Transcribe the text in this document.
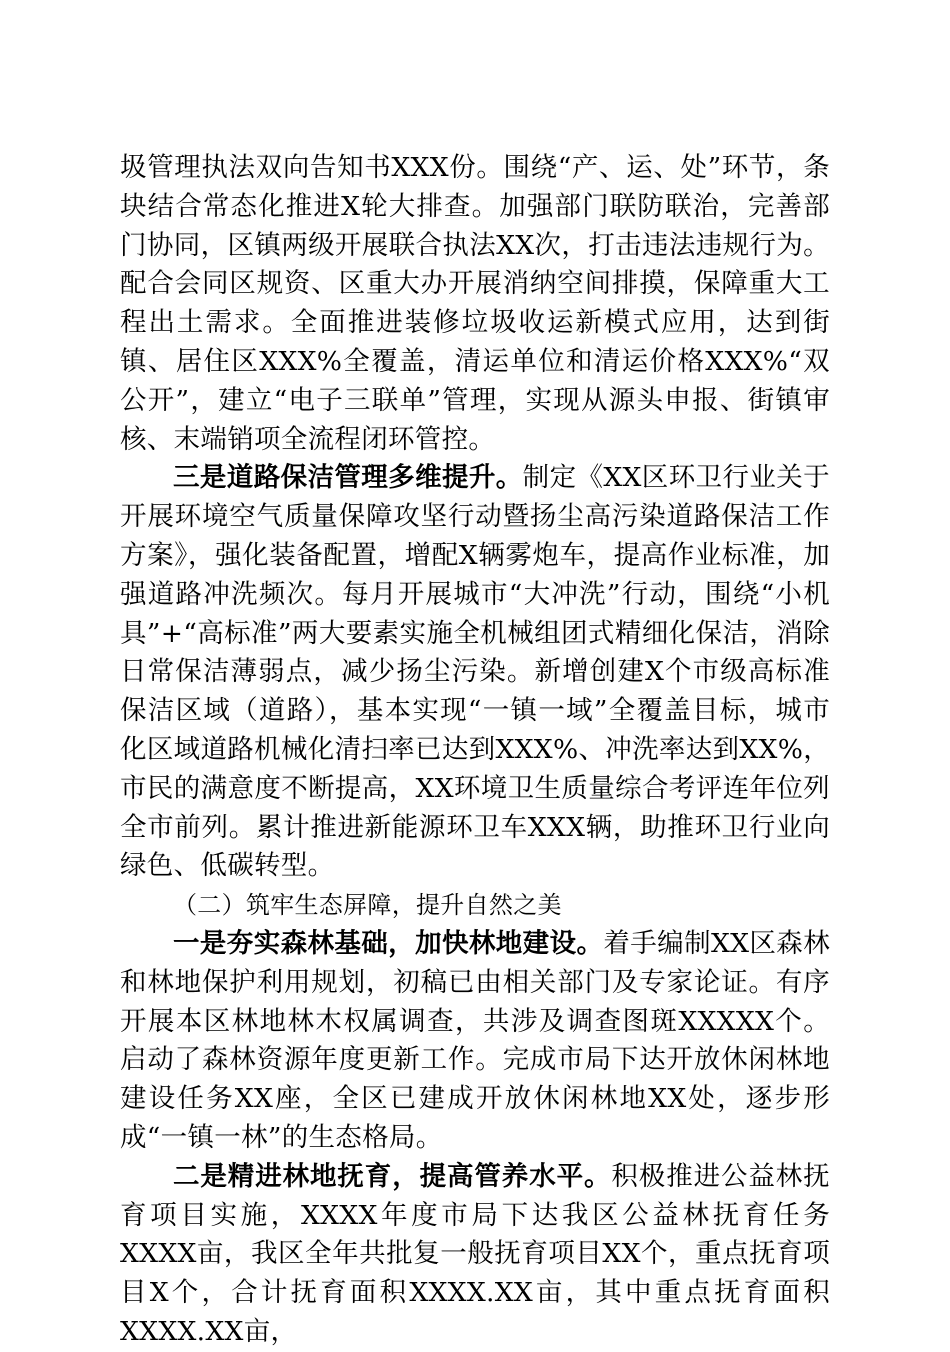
圾管理执法双向告知书XXX份。围绕“产、运、处”环节，条块结合常态化推进X轮大排查。加强部门联防联治，完善部门协同，区镇两级开展联合执法XX次，打击违法违规行为。配合会同区规资、区重大办开展消纳空间排摸，保障重大工程出土需求。全面推进装修垃圾收运新模式应用，达到街镇、居住区XXX%全覆盖，清运单位和清运价格XXX%“双公开”，建立“电子三联单”管理，实现从源头申报、街镇审核、末端销项全流程闭环管控。

三是道路保洁管理多维提升。制定《XX区环卫行业关于开展环境空气质量保障攻坚行动暨扬尘高污染道路保洁工作方案》，强化装备配置，增配X辆雾炮车，提高作业标准，加强道路冲洗频次。每月开展城市“大冲洗”行动，围绕“小机具”+“高标准”两大要素实施全机械组团式精细化保洁，消除日常保洁薄弱点，减少扬尘污染。新增创建X个市级高标准保洁区域（道路），基本实现“一镇一域”全覆盖目标，城市化区域道路机械化清扫率已达到XXX%、冲洗率达到XX%，市民的满意度不断提高，XX环境卫生质量综合考评连年位列全市前列。累计推进新能源环卫车XXX辆，助推环卫行业向绿色、低碳转型。

（二）筑牢生态屏障，提升自然之美

一是夯实森林基础，加快林地建设。着手编制XX区森林和林地保护利用规划，初稿已由相关部门及专家论证。有序开展本区林地林木权属调查，共涉及调查图斑XXXXX个。启动了森林资源年度更新工作。完成市局下达开放休闲林地建设任务XX座，全区已建成开放休闲林地XX处，逐步形成“一镇一林”的生态格局。

二是精进林地抚育，提高管养水平。积极推进公益林抚育项目实施，XXXX年度市局下达我区公益林抚育任务XXXX亩，我区全年共批复一般抚育项目XX个，重点抚育项目X个，合计抚育面积XXXX.XX亩，其中重点抚育面积XXXX.XX亩，
